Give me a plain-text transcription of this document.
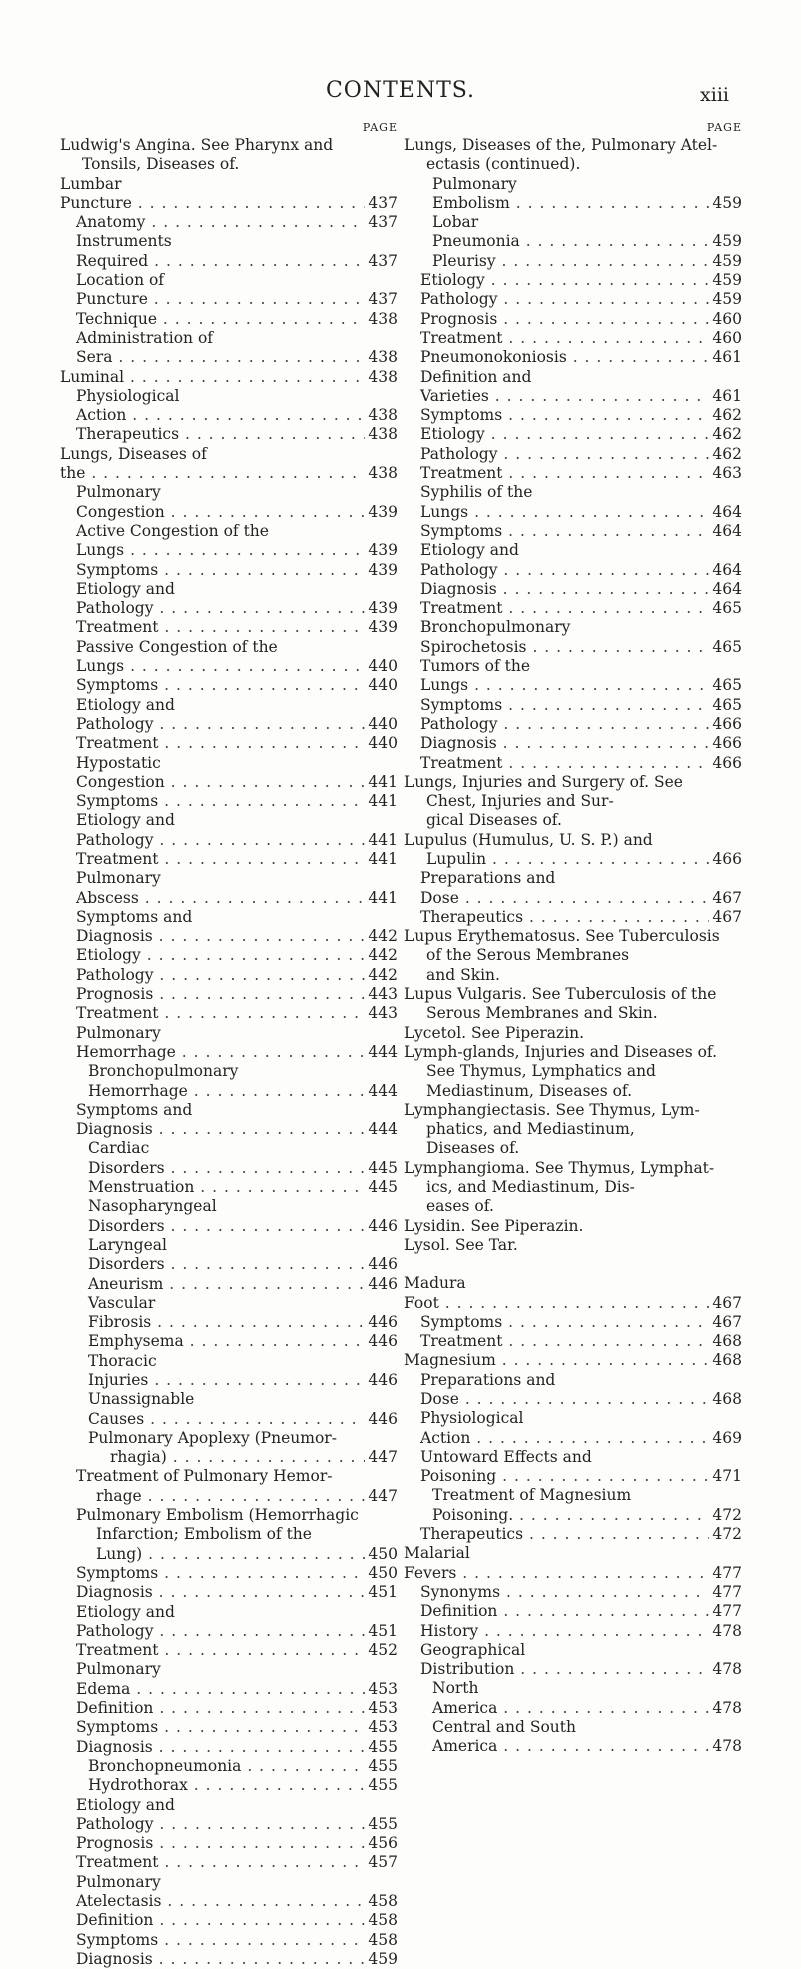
CONTENTS.	xiii
PAGE
Ludwig's Angina. See Pharynx and
Tonsils, Diseases of.
Lumbar Puncture . . .	437
Anatomy . . .	437
Instruments Required . . .	437
Location of Puncture . . .	437
Technique . . .	438
Administration of Sera . . .	438
Luminal . . .	438
Physiological Action . . .	438
Therapeutics . . .	438
Lungs, Diseases of the . . .	438
Pulmonary Congestion . . .	439
Active Congestion of the Lungs . . .	439
Symptoms . . .	439
Etiology and Pathology . . .	439
Treatment . . .	439
Passive Congestion of the Lungs . . .	440
Symptoms . . .	440
Etiology and Pathology . . .	440
Treatment . . .	440
Hypostatic Congestion . . .	441
Symptoms . . .	441
Etiology and Pathology . . .	441
Treatment . . .	441
Pulmonary Abscess . . .	441
Symptoms and Diagnosis . . .	442
Etiology . . .	442
Pathology . . .	442
Prognosis . . .	443
Treatment . . .	443
Pulmonary Hemorrhage . . .	444
Bronchopulmonary Hemorrhage . . .	444
Symptoms and Diagnosis . . .	444
Cardiac Disorders . . .	445
Menstruation . . .	445
Nasopharyngeal Disorders . . .	446
Laryngeal Disorders . . .	446
Aneurism . . .	446
Vascular Fibrosis . . .	446
Emphysema . . .	446
Thoracic Injuries . . .	446
Unassignable Causes . . .	446
Pulmonary Apoplexy (Pneumor-
rhagia) . . .	447
Treatment of Pulmonary Hemor-
rhage . . .	447
Pulmonary Embolism (Hemorrhagic
Infarction; Embolism of the
Lung) . . .	450
Symptoms . . .	450
Diagnosis . . .	451
Etiology and Pathology . . .	451
Treatment . . .	452
Pulmonary Edema . . .	453
Definition . . .	453
Symptoms . . .	453
Diagnosis . . .	455
Bronchopneumonia . . .	455
Hydrothorax . . .	455
Etiology and Pathology . . .	455
Prognosis . . .	456
Treatment . . .	457
Pulmonary Atelectasis . . .	458
Definition . . .	458
Symptoms . . .	458
Diagnosis . . .	459
PAGE
Lungs, Diseases of the, Pulmonary Atel-
ectasis (continued).
Pulmonary Embolism . . .	459
Lobar Pneumonia . . .	459
Pleurisy . . .	459
Etiology . . .	459
Pathology . . .	459
Prognosis . . .	460
Treatment . . .	460
Pneumonokoniosis . . .	461
Definition and Varieties . . .	461
Symptoms . . .	462
Etiology . . .	462
Pathology . . .	462
Treatment . . .	463
Syphilis of the Lungs . . .	464
Symptoms . . .	464
Etiology and Pathology . . .	464
Diagnosis . . .	464
Treatment . . .	465
Bronchopulmonary Spirochetosis . . .	465
Tumors of the Lungs . . .	465
Symptoms . . .	465
Pathology . . .	466
Diagnosis . . .	466
Treatment . . .	466
Lungs, Injuries and Surgery of. See
Chest, Injuries and Sur-
gical Diseases of.
Lupulus (Humulus, U. S. P.) and
Lupulin . . .	466
Preparations and Dose . . .	467
Therapeutics . . .	467
Lupus Erythematosus. See Tuberculosis
of the Serous Membranes
and Skin.
Lupus Vulgaris. See Tuberculosis of the
Serous Membranes and Skin.
Lycetol. See Piperazin.
Lymph-glands, Injuries and Diseases of.
See Thymus, Lymphatics and
Mediastinum, Diseases of.
Lymphangiectasis. See Thymus, Lym-
phatics, and Mediastinum,
Diseases of.
Lymphangioma. See Thymus, Lymphat-
ics, and Mediastinum, Dis-
eases of.
Lysidin. See Piperazin.
Lysol. See Tar.
Madura Foot . . .	467
Symptoms . . .	467
Treatment . . .	468
Magnesium . . .	468
Preparations and Dose . . .	468
Physiological Action . . .	469
Untoward Effects and Poisoning . . .	471
Treatment of Magnesium Poisoning. . . .	472
Therapeutics . . .	472
Malarial Fevers . . .	477
Synonyms . . .	477
Definition . . .	477
History . . .	478
Geographical Distribution . . .	478
North America . . .	478
Central and South America . . .	478
